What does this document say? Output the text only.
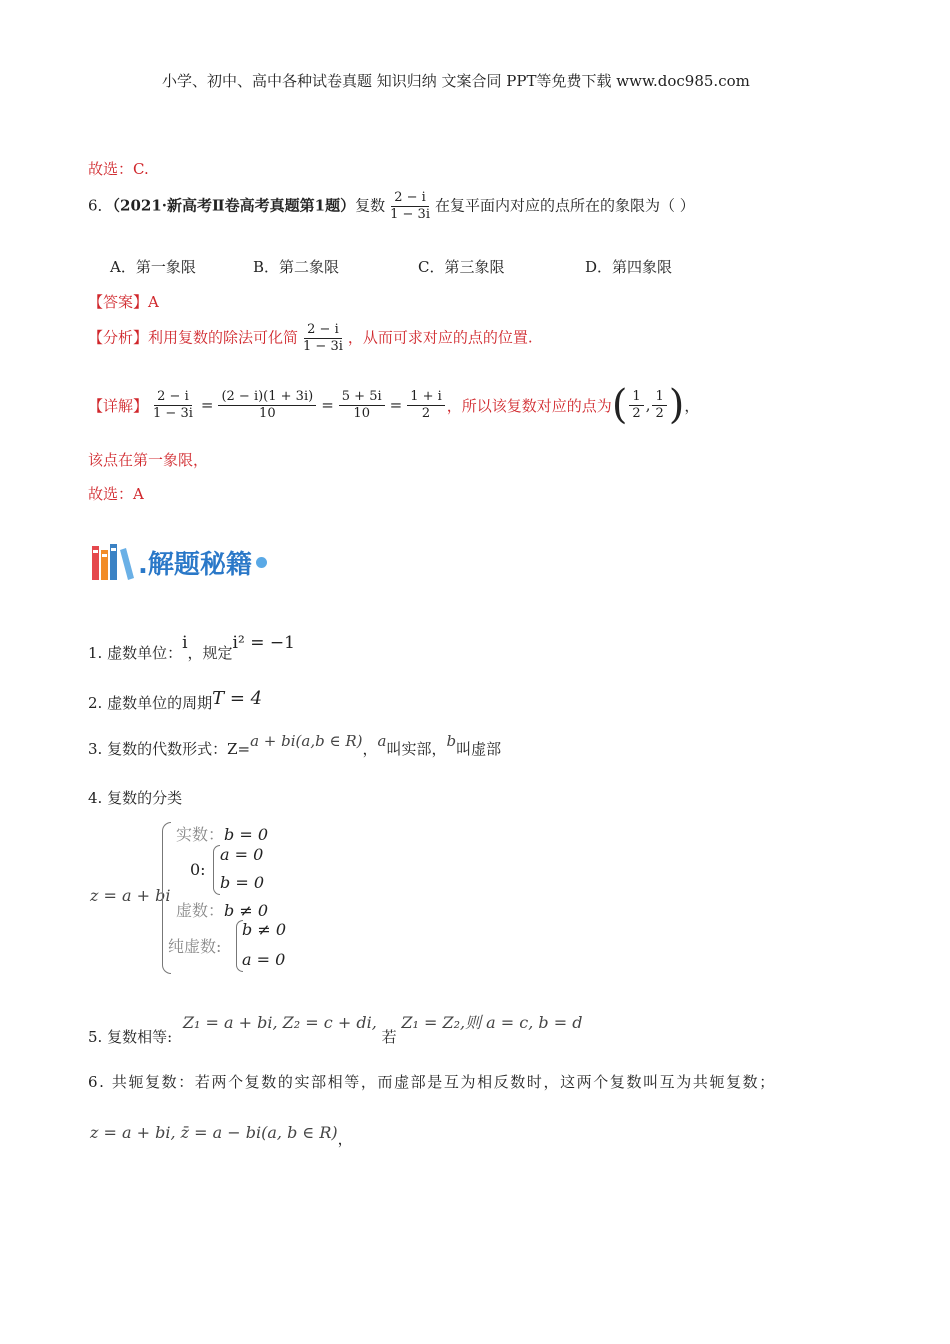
小学、初中、高中各种试卷真题 知识归纳 文案合同 PPT等免费下载 www.doc985.com
故选：C.
6．（2021·新高考Ⅱ卷高考真题第1题）复数 $\frac{2 - i}{1 - 3i}$ 在复平面内对应的点所在的象限为（ ）
A．第一象限	B．第二象限	C．第三象限	D．第四象限
【答案】A
【分析】利用复数的除法可化简 $\frac{2 - i}{1 - 3i}$ ，从而可求对应的点的位置.
【详解】 $\frac{2 - i}{1 - 3i} = \frac{(2 - i)(1 + 3i)}{10} = \frac{5 + 5i}{10} = \frac{1 + i}{2}$ ，所以该复数对应的点为 ( $\frac{1}{2}$ , $\frac{1}{2}$ ) ，
该点在第一象限，
故选：A
.解题秘籍
1. 虚数单位：i，规定i² = −1
2. 虚数单位的周期T = 4
3. 复数的代数形式：Z=a + bi(a,b ∈ R)，a叫实部，b叫虚部
4. 复数的分类
z = a + bi
实数：b = 0
0:
a = 0
b = 0
虚数：b ≠ 0
纯虚数:
b ≠ 0
a = 0
5. 复数相等: Z₁ = a + bi, Z₂ = c + di, 若 Z₁ = Z₂,则 a = c, b = d
6. 共轭复数：若两个复数的实部相等，而虚部是互为相反数时，这两个复数叫互为共轭复数；
z = a + bi, z̄ = a − bi(a, b ∈ R)，
